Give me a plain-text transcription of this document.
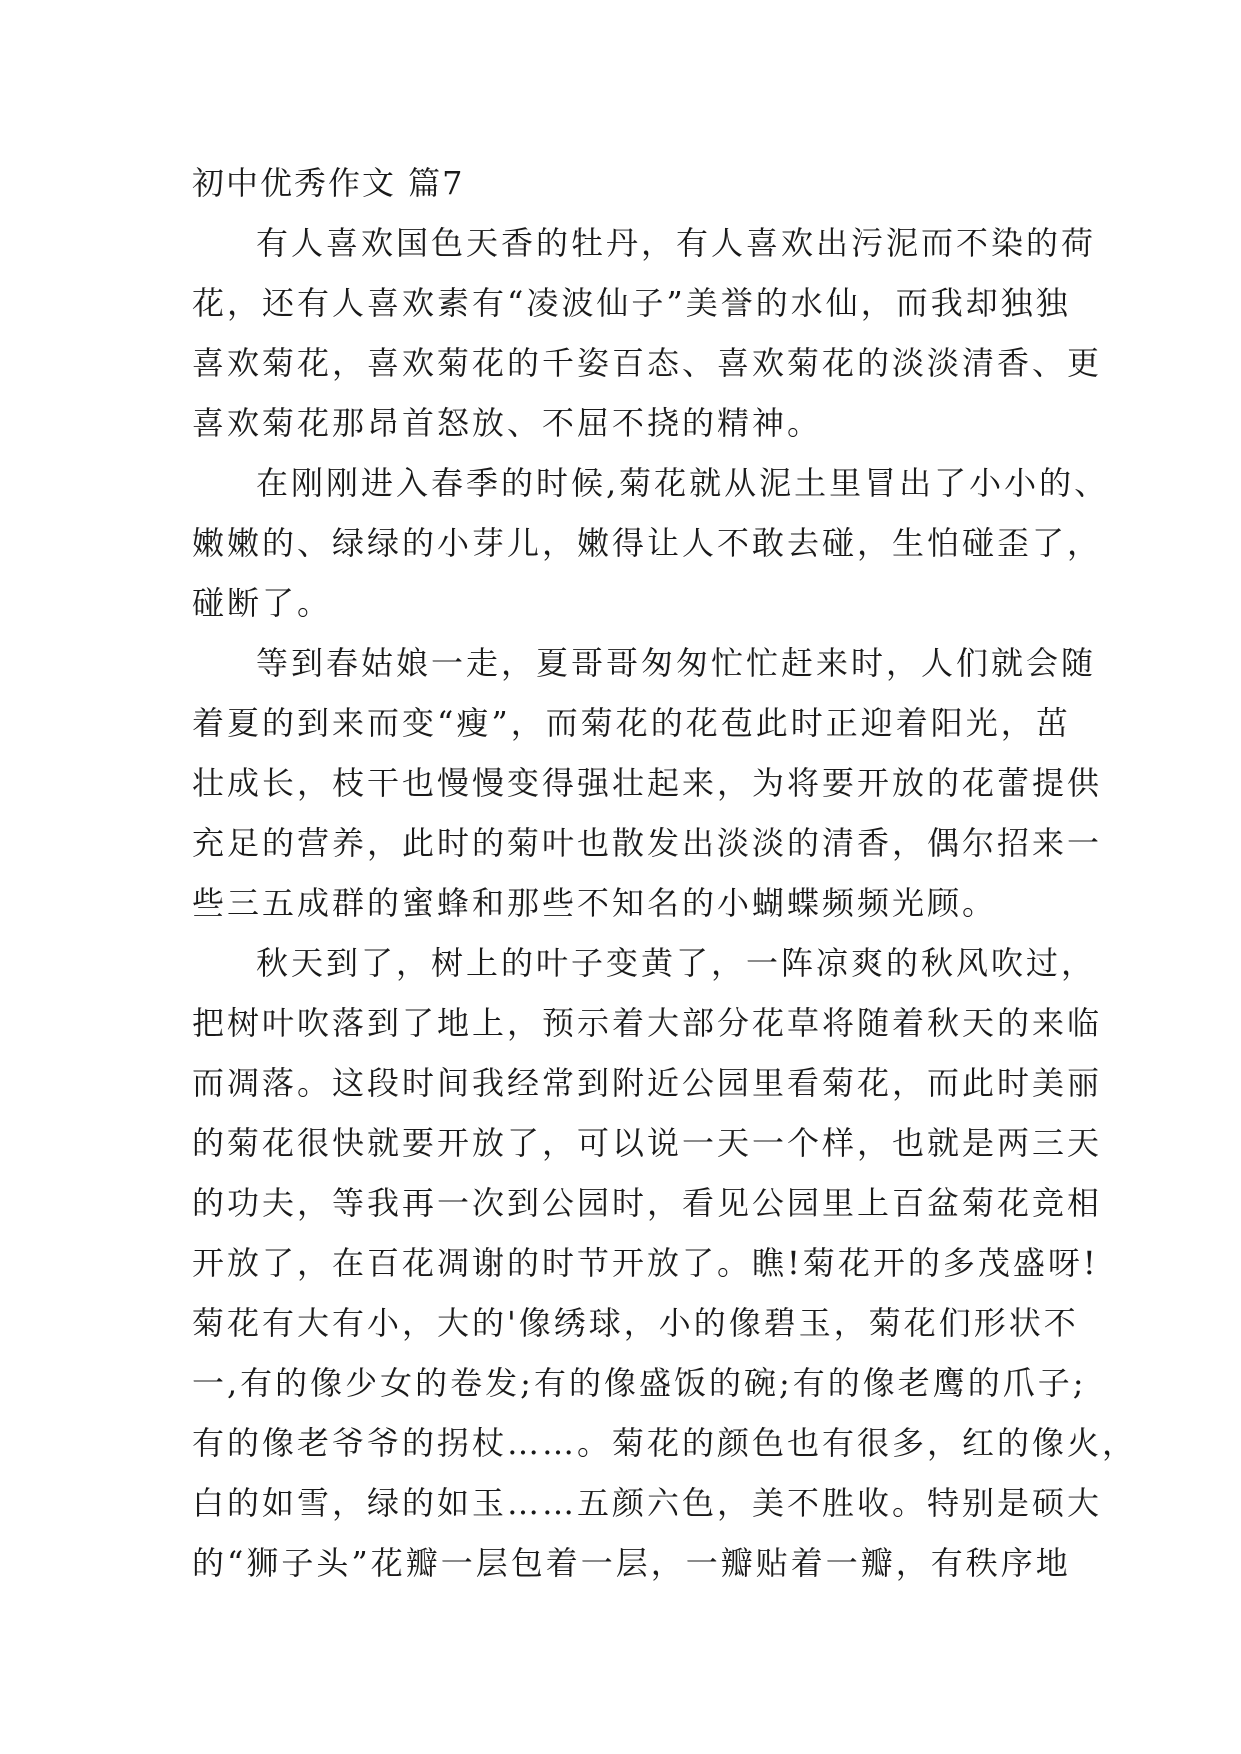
初中优秀作文 篇7
有人喜欢国色天香的牡丹，有人喜欢出污泥而不染的荷
花，还有人喜欢素有“凌波仙子”美誉的水仙，而我却独独
喜欢菊花，喜欢菊花的千姿百态、喜欢菊花的淡淡清香、更
喜欢菊花那昂首怒放、不屈不挠的精神。
在刚刚进入春季的时候,菊花就从泥土里冒出了小小的、
嫩嫩的、绿绿的小芽儿，嫩得让人不敢去碰，生怕碰歪了，
碰断了。
等到春姑娘一走，夏哥哥匆匆忙忙赶来时，人们就会随
着夏的到来而变“瘦”，而菊花的花苞此时正迎着阳光，茁
壮成长，枝干也慢慢变得强壮起来，为将要开放的花蕾提供
充足的营养，此时的菊叶也散发出淡淡的清香，偶尔招来一
些三五成群的蜜蜂和那些不知名的小蝴蝶频频光顾。
秋天到了，树上的叶子变黄了，一阵凉爽的秋风吹过，
把树叶吹落到了地上，预示着大部分花草将随着秋天的来临
而凋落。这段时间我经常到附近公园里看菊花，而此时美丽
的菊花很快就要开放了，可以说一天一个样，也就是两三天
的功夫，等我再一次到公园时，看见公园里上百盆菊花竞相
开放了，在百花凋谢的时节开放了。瞧!菊花开的多茂盛呀!
菊花有大有小，大的'像绣球，小的像碧玉，菊花们形状不
一,有的像少女的卷发;有的像盛饭的碗;有的像老鹰的爪子;
有的像老爷爷的拐杖……。菊花的颜色也有很多，红的像火，
白的如雪，绿的如玉……五颜六色，美不胜收。特别是硕大
的“狮子头”花瓣一层包着一层，一瓣贴着一瓣，有秩序地
